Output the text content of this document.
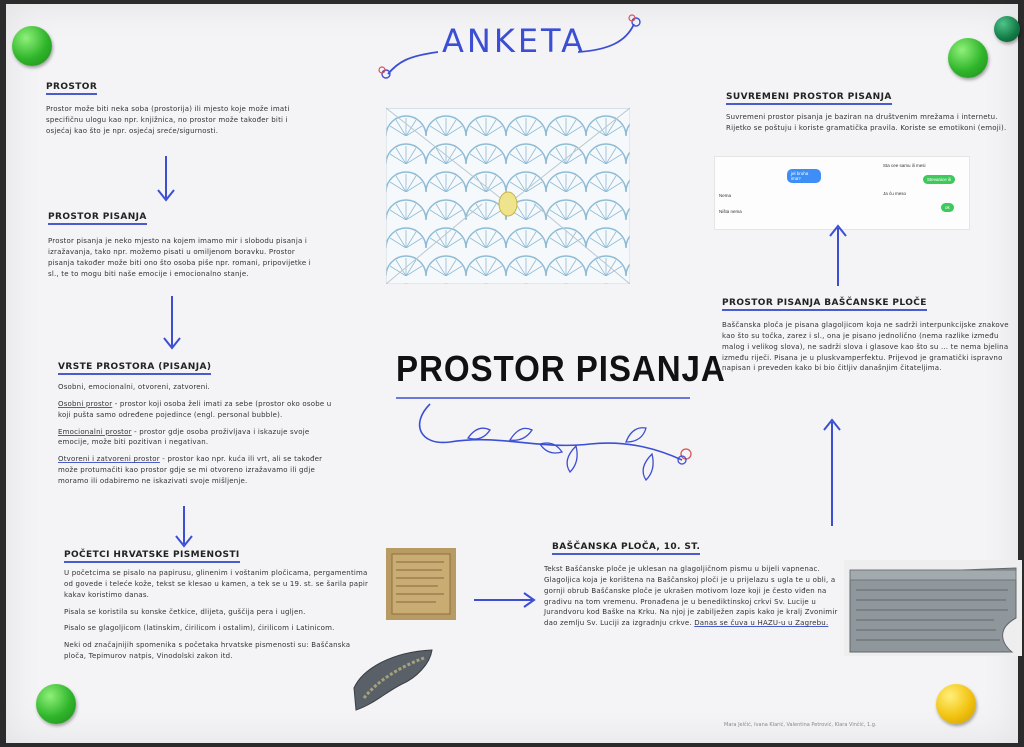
ANKETA
PROSTOR
Prostor može biti neka soba (prostorija) ili mjesto koje može imati specifičnu ulogu kao npr. knjižnica, no prostor može također biti i osjećaj kao što je npr. osjećaj sreće/sigurnosti.
PROSTOR PISANJA
Prostor pisanja je neko mjesto na kojem imamo mir i slobodu pisanja i izražavanja, tako npr. možemo pisati u omiljenom boravku. Prostor pisanja također može biti ono što osoba piše npr. romani, pripovijetke i sl., te to mogu biti naše emocije i emocionalno stanje.
VRSTE PROSTORA (PISANJA)

Osobni, emocionalni, otvoreni, zatvoreni.

Osobni prostor - prostor koji osoba želi imati za sebe (prostor oko osobe u koji pušta samo određene pojedince (engl. personal bubble).

Emocionalni prostor - prostor gdje osoba proživljava i iskazuje svoje emocije, može biti pozitivan i negativan.

Otvoreni i zatvoreni prostor - prostor kao npr. kuća ili vrt, ali se također može protumačiti kao prostor gdje se mi otvoreno izražavamo ili gdje moramo ili odabiremo ne iskazivati svoje mišljenje.

POČETCI HRVATSKE PISMENOSTI

U početcima se pisalo na papirusu, glinenim i voštanim pločicama, pergamentima od govede i teleće kože, tekst se klesao u kamen, a tek se u 19. st. se šarila papir kakav koristimo danas.

Pisala se koristila su konske četkice, dlijeta, guščija pera i ugljen.

Pisalo se glagoljicom (latinskim, ćirilicom i ostalim), ćirilicom i Latinicom.

Neki od značajnijih spomenika s početaka hrvatske pismenosti su: Baščanska ploča, Tepimurov natpis, Vinodolski zakon itd.

PROSTOR PISANJA
SUVREMENI PROSTOR PISANJA
Suvremeni prostor pisanja je baziran na društvenim mrežama i internetu. Rijetko se poštuju i koriste gramatička pravila. Koriste se emotikoni (emoji).
Sta cee samu ili mesi
jel bruha ima?	Stevanice ili
Nema	Ja ću meso
Ništa nema
ok
PROSTOR PISANJA BAŠČANSKE PLOČE
Baščanska ploča je pisana glagoljicom koja ne sadrži interpunkcijske znakove kao što su točka, zarez i sl., ona je pisano jednolično (nema razlike između malog i velikog slova), ne sadrži slova i glasove kao što su ... te nema bjelina između riječi. Pisana je u pluskvamperfektu. Prijevod je gramatički ispravno napisan i preveden kako bi bio čitljiv današnjim čitateljima.
BAŠČANSKA PLOČA, 10. ST.
Tekst Baščanske ploče je uklesan na glagoljičnom pismu u bijeli vapnenac. Glagoljica koja je korištena na Baščanskoj ploči je u prijelazu s ugla te u obli, a gornji obrub Baščanske ploče je ukrašen motivom loze koji je često viđen na gradivu na tom vremenu. Pronađena je u benediktinskoj crkvi Sv. Lucije u Jurandvoru kod Baške na Krku. Na njoj je zabilježen zapis kako je kralj Zvonimir dao zemlju Sv. Luciji za izgradnju crkve. Danas se čuva u HAZU-u u Zagrebu.
Mara Jelčić, Ivana Klarić, Valentina Petrović, Klara Vinčić, 1.g.
